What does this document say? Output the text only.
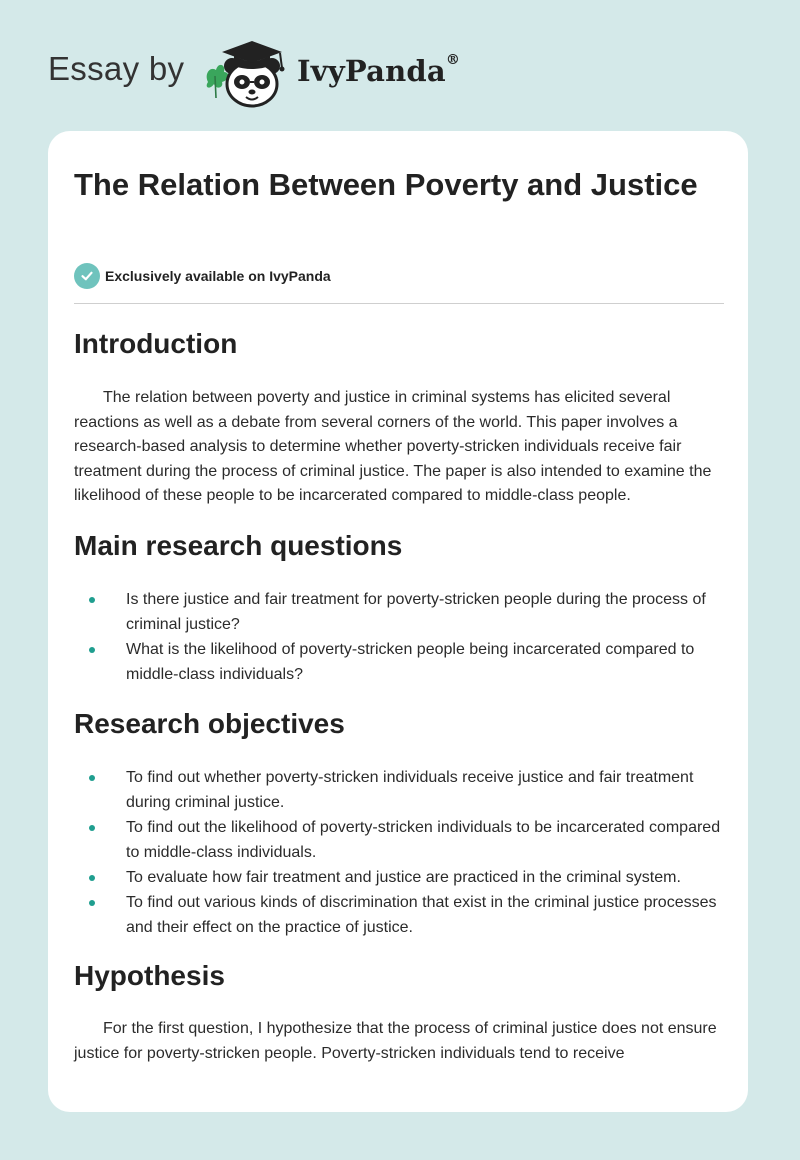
Essay by	IvyPanda®
The Relation Between Poverty and Justice
Exclusively available on IvyPanda
Introduction

The relation between poverty and justice in criminal systems has elicited several reactions as well as a debate from several corners of the world. This paper involves a research-based analysis to determine whether poverty-stricken individuals receive fair treatment during the process of criminal justice. The paper is also intended to examine the likelihood of these people to be incarcerated compared to middle-class people.

Main research questions
Is there justice and fair treatment for poverty-stricken people during the process of criminal justice?
What is the likelihood of poverty-stricken people being incarcerated compared to middle-class individuals?
Research objectives
To find out whether poverty-stricken individuals receive justice and fair treatment during criminal justice.
To find out the likelihood of poverty-stricken individuals to be incarcerated compared to middle-class individuals.
To evaluate how fair treatment and justice are practiced in the criminal system.
To find out various kinds of discrimination that exist in the criminal justice processes and their effect on the practice of justice.
Hypothesis

For the first question, I hypothesize that the process of criminal justice does not ensure justice for poverty-stricken people. Poverty-stricken individuals tend to receive
